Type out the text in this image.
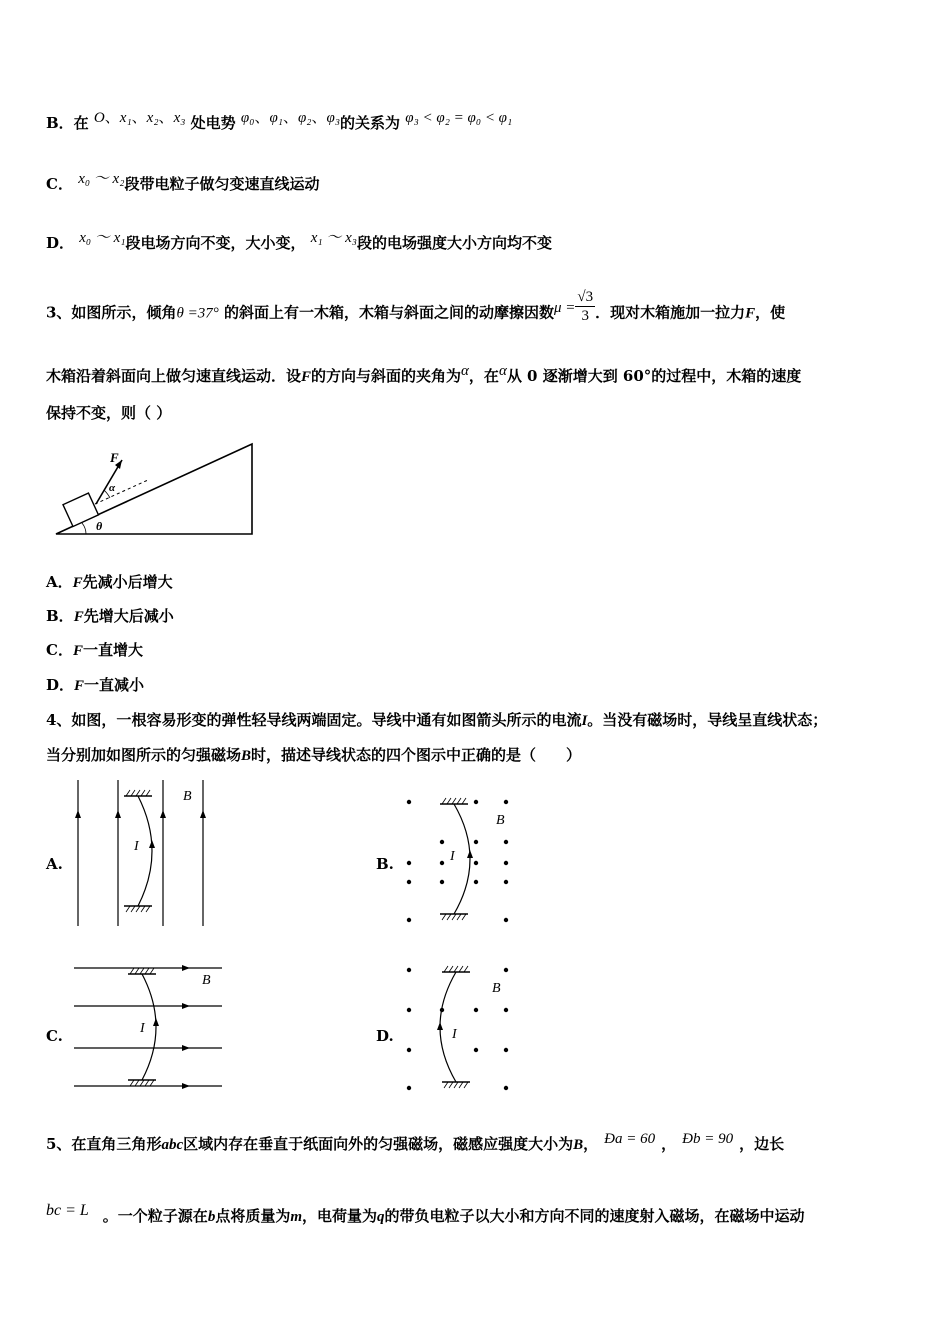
B．在 O、x₁、x₂、x₃ 处电势 φ₀、φ₁、φ₂、φ₃的关系为 φ₃ < φ₂ = φ₀ < φ₁
C． x₀ ～ x₂段带电粒子做匀变速直线运动
D． x₀ ～ x₁段电场方向不变，大小变， x₁ ～ x₃段的电场强度大小方向均不变
3、如图所示，倾角θ =37° 的斜面上有一木箱，木箱与斜面之间的动摩擦因数$\mu = \frac{√3}{3}$ ．现对木箱施加一拉力F，使
木箱沿着斜面向上做匀速直线运动．设F的方向与斜面的夹角为α，在α从 0 逐渐增大到 60°的过程中，木箱的速度
保持不变，则（ ）
F
α
θ
A．F先减小后增大
B．F先增大后减小
C．F一直增大
D．F一直减小
4、如图，一根容易形变的弹性轻导线两端固定。导线中通有如图箭头所示的电流I。当没有磁场时，导线呈直线状态；
当分别加如图所示的匀强磁场B时，描述导线状态的四个图示中正确的是（　　）
A.
I
B
B.	I
B
C.	I
B
D.	I
B
5、在直角三角形abc区域内存在垂直于纸面向外的匀强磁场，磁感应强度大小为B， Ða = 60 ， Ðb = 90 ，边长
bc = L 。一个粒子源在b点将质量为m，电荷量为q的带负电粒子以大小和方向不同的速度射入磁场，在磁场中运动
